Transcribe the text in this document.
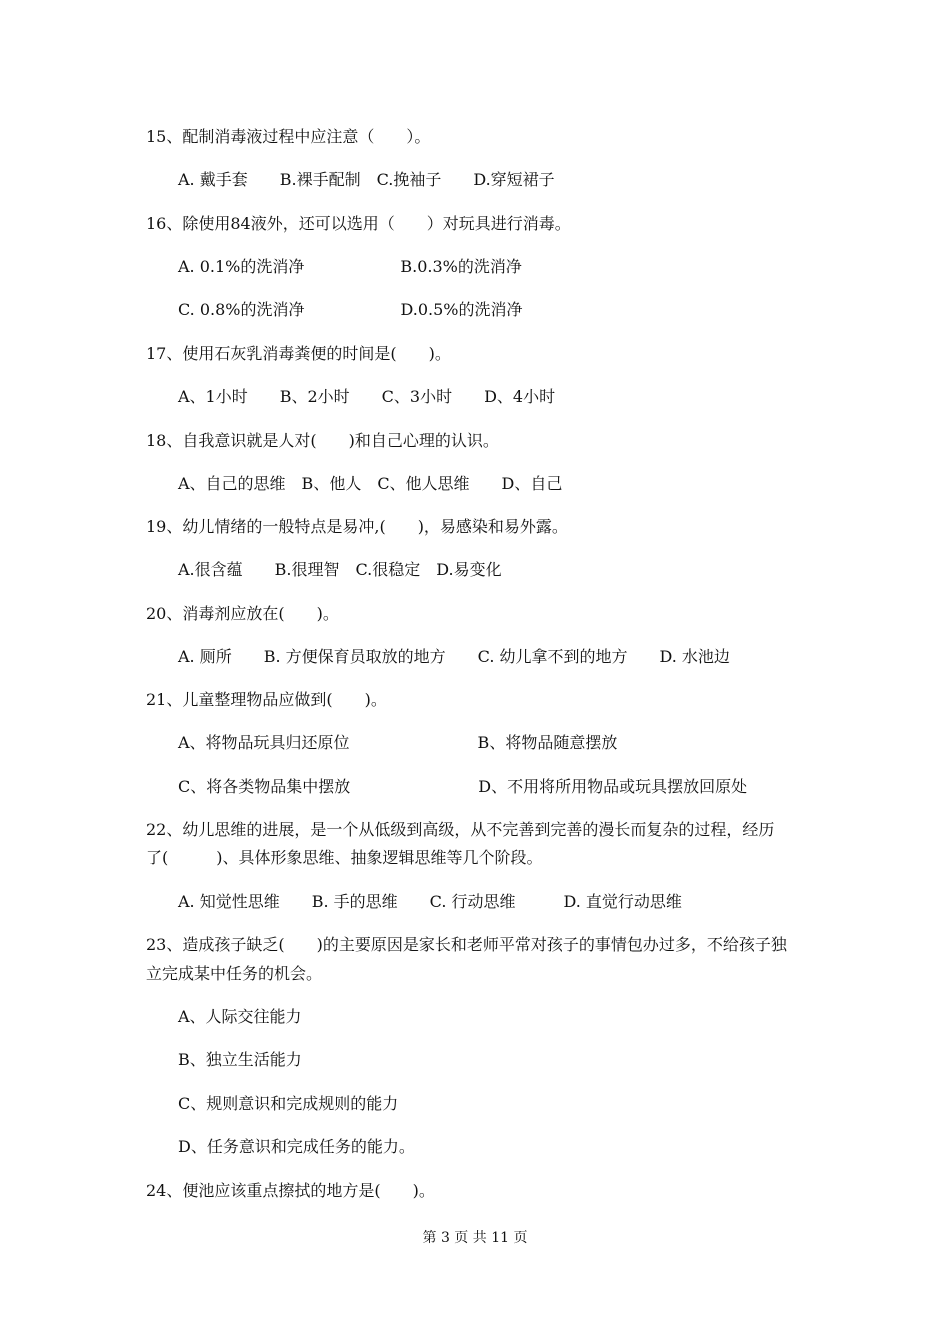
15、配制消毒液过程中应注意（　　）。
A. 戴手套　　B.裸手配制　C.挽袖子　　D.穿短裙子
16、除使用84液外，还可以选用（　　）对玩具进行消毒。
A. 0.1%的洗消净　　　　　　B.0.3%的洗消净
C. 0.8%的洗消净　　　　　　D.0.5%的洗消净
17、使用石灰乳消毒粪便的时间是(　　)。
A、1小时　　B、2小时　　C、3小时　　D、4小时
18、自我意识就是人对(　　)和自己心理的认识。
A、自己的思维　B、他人　C、他人思维　　D、自己
19、幼儿情绪的一般特点是易冲,(　　)，易感染和易外露。
A.很含蕴　　B.很理智　C.很稳定　D.易变化
20、消毒剂应放在(　　)。
A. 厕所　　B. 方便保育员取放的地方　　C. 幼儿拿不到的地方　　D. 水池边
21、儿童整理物品应做到(　　)。
A、将物品玩具归还原位　　　　　　　　B、将物品随意摆放
C、将各类物品集中摆放　　　　　　　　D、不用将所用物品或玩具摆放回原处
22、幼儿思维的进展，是一个从低级到高级，从不完善到完善的漫长而复杂的过程，经历
了(　　　)、具体形象思维、抽象逻辑思维等几个阶段。
A. 知觉性思维　　B. 手的思维　　C. 行动思维　　　D. 直觉行动思维
23、造成孩子缺乏(　　)的主要原因是家长和老师平常对孩子的事情包办过多，不给孩子独
立完成某中任务的机会。
A、人际交往能力
B、独立生活能力
C、规则意识和完成规则的能力
D、任务意识和完成任务的能力。
24、便池应该重点擦拭的地方是(　　)。
第 3 页 共 11 页
